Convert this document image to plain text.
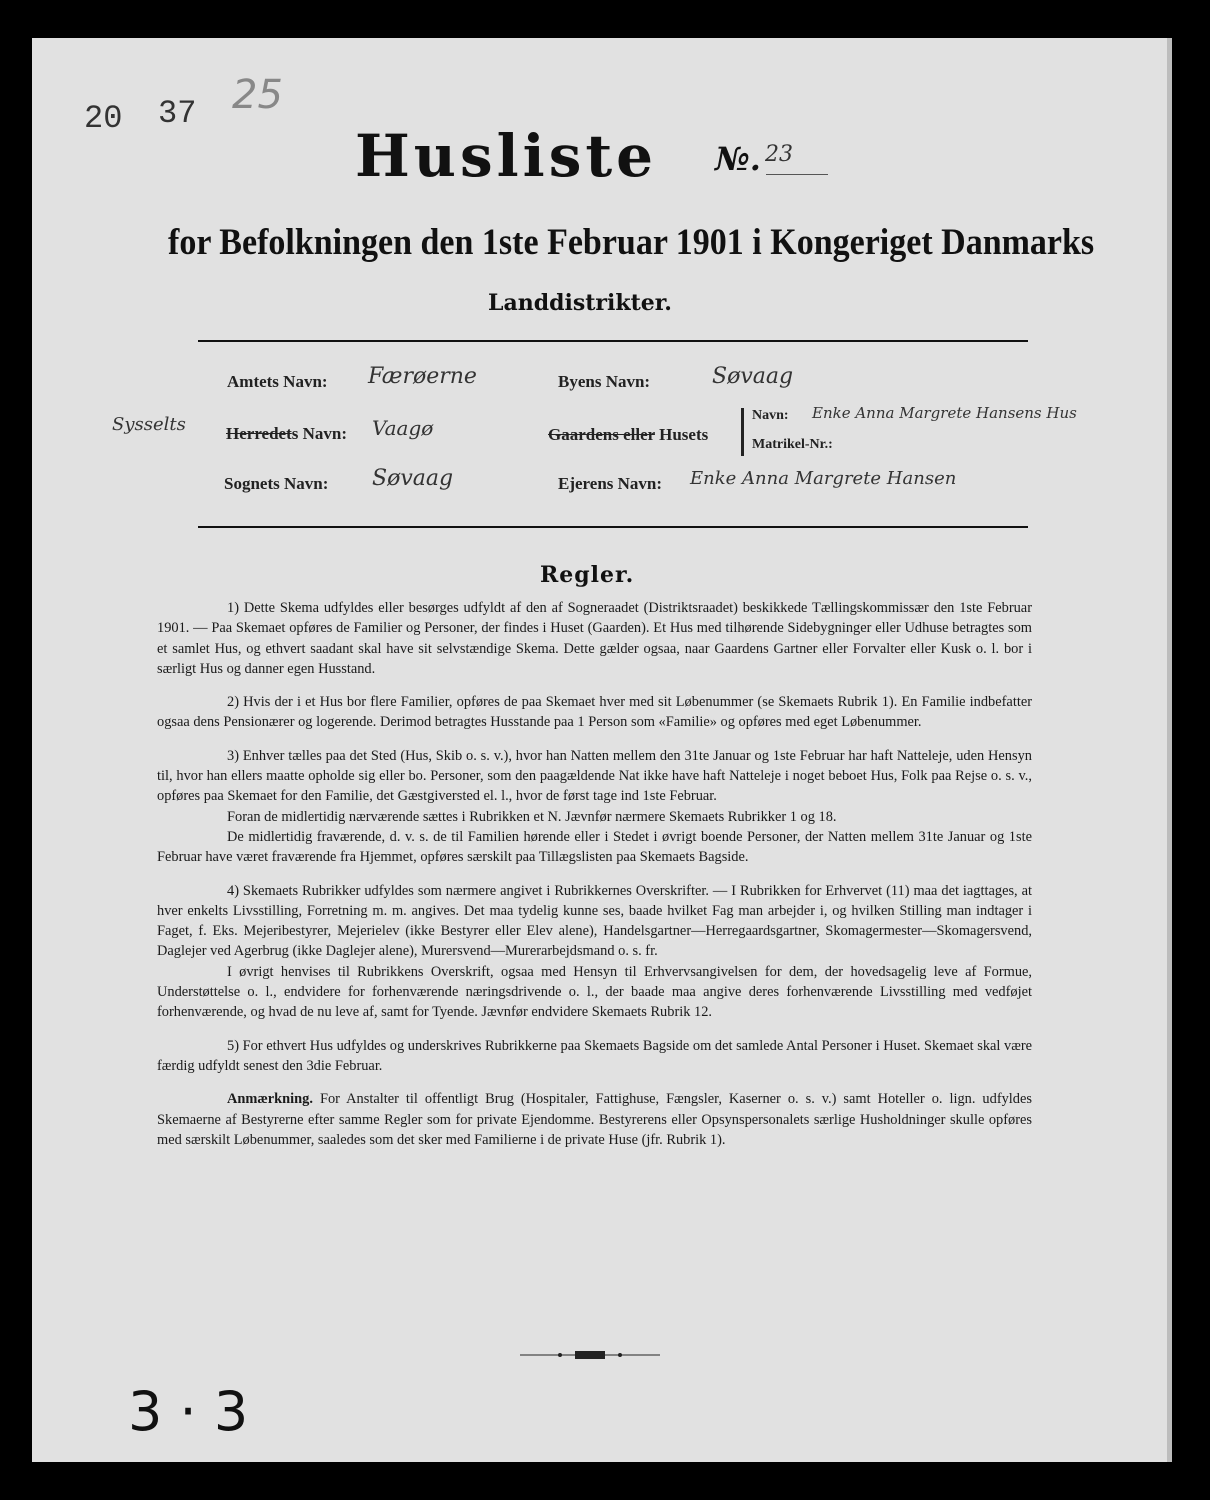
20 37 25
Husliste №. 23
for Befolkningen den 1ste Februar 1901 i Kongeriget Danmarks
Landdistrikter.
Amtets Navn: Færøerne	Byens Navn:	Søvaag
Sysselts Herredets Navn: Vaagø	Gaardens eller Husets
Navn: Enke Anna Margrete Hansens Hus
Matrikel-Nr.:
Sognets Navn: Søvaag	Ejerens Navn: Enke Anna Margrete Hansen
Regler.

1) Dette Skema udfyldes eller besørges udfyldt af den af Sogneraadet (Distriktsraadet) beskikkede Tællingskommissær den 1ste Februar 1901. — Paa Skemaet opføres de Familier og Personer, der findes i Huset (Gaarden). Et Hus med tilhørende Sidebygninger eller Udhuse betragtes som et samlet Hus, og ethvert saadant skal have sit selvstændige Skema. Dette gælder ogsaa, naar Gaardens Gartner eller Forvalter eller Kusk o. l. bor i særligt Hus og danner egen Husstand.

2) Hvis der i et Hus bor flere Familier, opføres de paa Skemaet hver med sit Løbenummer (se Skemaets Rubrik 1). En Familie indbefatter ogsaa dens Pensionærer og logerende. Derimod betragtes Husstande paa 1 Person som «Familie» og opføres med eget Løbenummer.

3) Enhver tælles paa det Sted (Hus, Skib o. s. v.), hvor han Natten mellem den 31te Januar og 1ste Februar har haft Natteleje, uden Hensyn til, hvor han ellers maatte opholde sig eller bo. Personer, som den paagældende Nat ikke have haft Natteleje i noget beboet Hus, Folk paa Rejse o. s. v., opføres paa Skemaet for den Familie, det Gæstgiversted el. l., hvor de først tage ind 1ste Februar.

Foran de midlertidig nærværende sættes i Rubrikken et N. Jævnfør nærmere Skemaets Rubrikker 1 og 18.

De midlertidig fraværende, d. v. s. de til Familien hørende eller i Stedet i øvrigt boende Personer, der Natten mellem 31te Januar og 1ste Februar have været fraværende fra Hjemmet, opføres særskilt paa Tillægslisten paa Skemaets Bagside.

4) Skemaets Rubrikker udfyldes som nærmere angivet i Rubrikkernes Overskrifter. — I Rubrikken for Erhvervet (11) maa det iagttages, at hver enkelts Livsstilling, Forretning m. m. angives. Det maa tydelig kunne ses, baade hvilket Fag man arbejder i, og hvilken Stilling man indtager i Faget, f. Eks. Mejeribestyrer, Mejerielev (ikke Bestyrer eller Elev alene), Handelsgartner—Herregaardsgartner, Skomagermester—Skomagersvend, Daglejer ved Agerbrug (ikke Daglejer alene), Murersvend—Murerarbejdsmand o. s. fr.

I øvrigt henvises til Rubrikkens Overskrift, ogsaa med Hensyn til Erhvervsangivelsen for dem, der hovedsagelig leve af Formue, Understøttelse o. l., endvidere for forhenværende næringsdrivende o. l., der baade maa angive deres forhenværende Livsstilling med vedføjet forhenværende, og hvad de nu leve af, samt for Tyende. Jævnfør endvidere Skemaets Rubrik 12.

5) For ethvert Hus udfyldes og underskrives Rubrikkerne paa Skemaets Bagside om det samlede Antal Personer i Huset. Skemaet skal være færdig udfyldt senest den 3die Februar.

Anmærkning. For Anstalter til offentligt Brug (Hospitaler, Fattighuse, Fængsler, Kaserner o. s. v.) samt Hoteller o. lign. udfyldes Skemaerne af Bestyrerne efter samme Regler som for private Ejendomme. Bestyrerens eller Opsynspersonalets særlige Husholdninger skulle opføres med særskilt Løbenummer, saaledes som det sker med Familierne i de private Huse (jfr. Rubrik 1).

3 · 3
